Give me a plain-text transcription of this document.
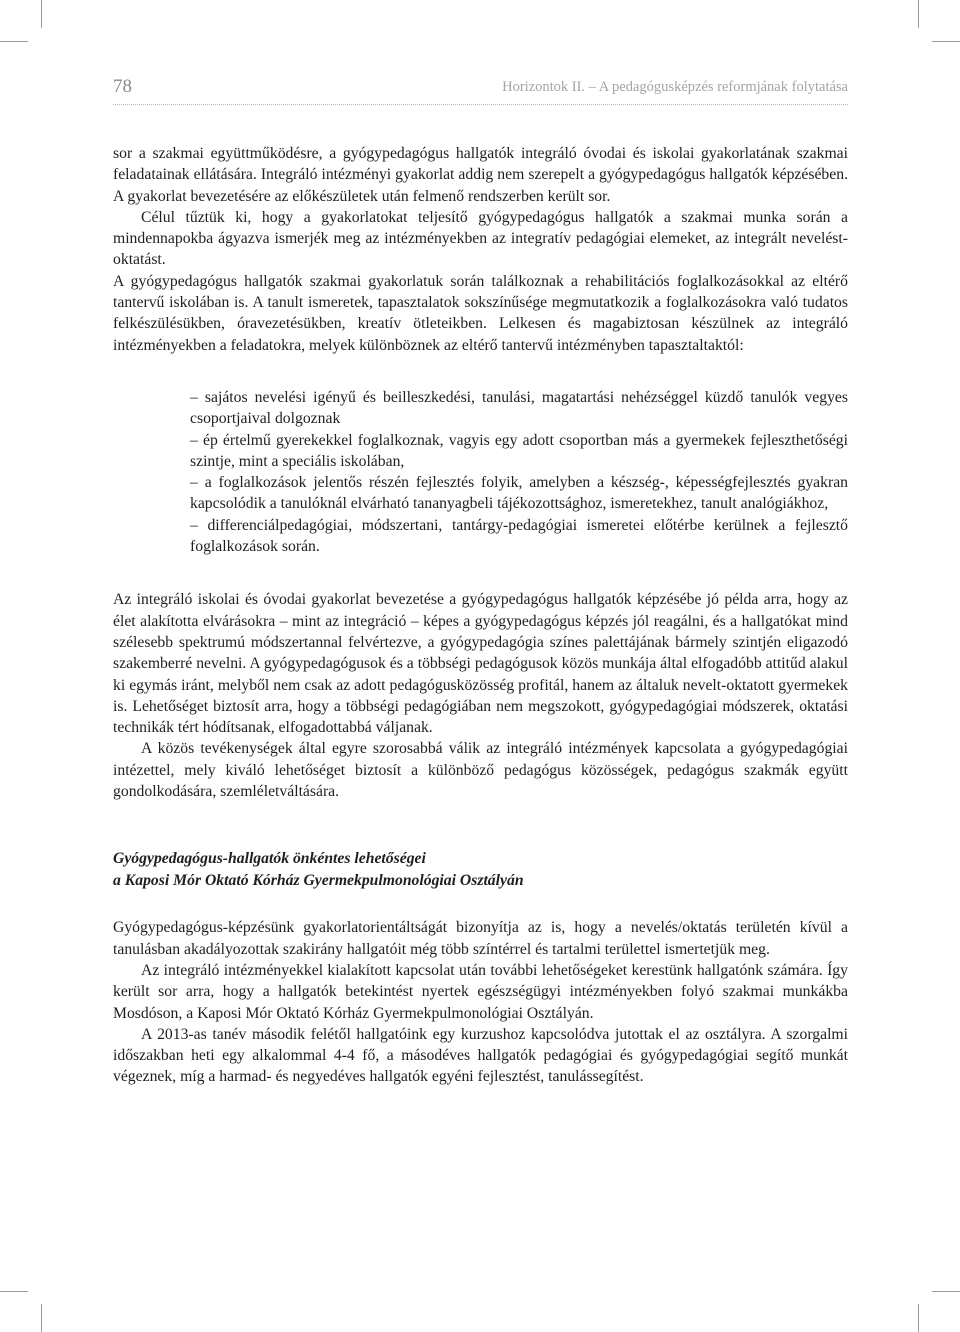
78	Horizontok II. – A pedagógusképzés reformjának folytatása

sor a szakmai együttműködésre, a gyógypedagógus hallgatók integráló óvodai és iskolai gyakorlatának szakmai feladatainak ellátására. Integráló intézményi gyakorlat addig nem szerepelt a gyógypedagógus hallgatók képzésében. A gyakorlat bevezetésére az előkészületek után felmenő rendszerben került sor.

Célul tűztük ki, hogy a gyakorlatokat teljesítő gyógypedagógus hallgatók a szakmai munka során a mindennapokba ágyazva ismerjék meg az intézményekben az integratív pedagógiai elemeket, az integrált nevelést-oktatást.

A gyógypedagógus hallgatók szakmai gyakorlatuk során találkoznak a rehabilitációs foglalkozásokkal az eltérő tantervű iskolában is. A tanult ismeretek, tapasztalatok sokszínűsége megmutatkozik a foglalkozásokra való tudatos felkészülésükben, óravezetésükben, kreatív ötleteikben. Lelkesen és magabiztosan készülnek az integráló intézményekben a feladatokra, melyek különböznek az eltérő tantervű intézményben tapasztaltaktól:

– sajátos nevelési igényű és beilleszkedési, tanulási, magatartási nehézséggel küzdő tanulók vegyes csoportjaival dolgoznak
– ép értelmű gyerekekkel foglalkoznak, vagyis egy adott csoportban más a gyermekek fejleszthetőségi szintje, mint a speciális iskolában,
– a foglalkozások jelentős részén fejlesztés folyik, amelyben a készség-, képességfejlesztés gyakran kapcsolódik a tanulóknál elvárható tananyagbeli tájékozottsághoz, ismeretekhez, tanult analógiákhoz,
– differenciálpedagógiai, módszertani, tantárgy-pedagógiai ismeretei előtérbe kerülnek a fejlesztő foglalkozások során.

Az integráló iskolai és óvodai gyakorlat bevezetése a gyógypedagógus hallgatók képzésébe jó példa arra, hogy az élet alakította elvárásokra – mint az integráció – képes a gyógypedagógus képzés jól reagálni, és a hallgatókat mind szélesebb spektrumú módszertannal felvértezve, a gyógypedagógia színes palettájának bármely szintjén eligazodó szakemberré nevelni. A gyógypedagógusok és a többségi pedagógusok közös munkája által elfogadóbb attitűd alakul ki egymás iránt, melyből nem csak az adott pedagógusközösség profitál, hanem az általuk nevelt-oktatott gyermekek is. Lehetőséget biztosít arra, hogy a többségi pedagógiában nem megszokott, gyógypedagógiai módszerek, oktatási technikák tért hódítsanak, elfogadottabbá váljanak.

A közös tevékenységek által egyre szorosabbá válik az integráló intézmények kapcsolata a gyógypedagógiai intézettel, mely kiváló lehetőséget biztosít a különböző pedagógus közösségek, pedagógus szakmák együtt gondolkodására, szemléletváltására.

Gyógypedagógus-hallgatók önkéntes lehetőségei
a Kaposi Mór Oktató Kórház Gyermekpulmonológiai Osztályán

Gyógypedagógus-képzésünk gyakorlatorientáltságát bizonyítja az is, hogy a nevelés/oktatás területén kívül a tanulásban akadályozottak szakirány hallgatóit még több színtérrel és tartalmi területtel ismertetjük meg.

Az integráló intézményekkel kialakított kapcsolat után további lehetőségeket kerestünk hallgatónk számára. Így került sor arra, hogy a hallgatók betekintést nyertek egészségügyi intézményekben folyó szakmai munkákba Mosdóson, a Kaposi Mór Oktató Kórház Gyermekpulmonológiai Osztályán.

A 2013-as tanév második felétől hallgatóink egy kurzushoz kapcsolódva jutottak el az osztályra. A szorgalmi időszakban heti egy alkalommal 4-4 fő, a másodéves hallgatók pedagógiai és gyógypedagógiai segítő munkát végeznek, míg a harmad- és negyedéves hallgatók egyéni fejlesztést, tanulássegítést.
